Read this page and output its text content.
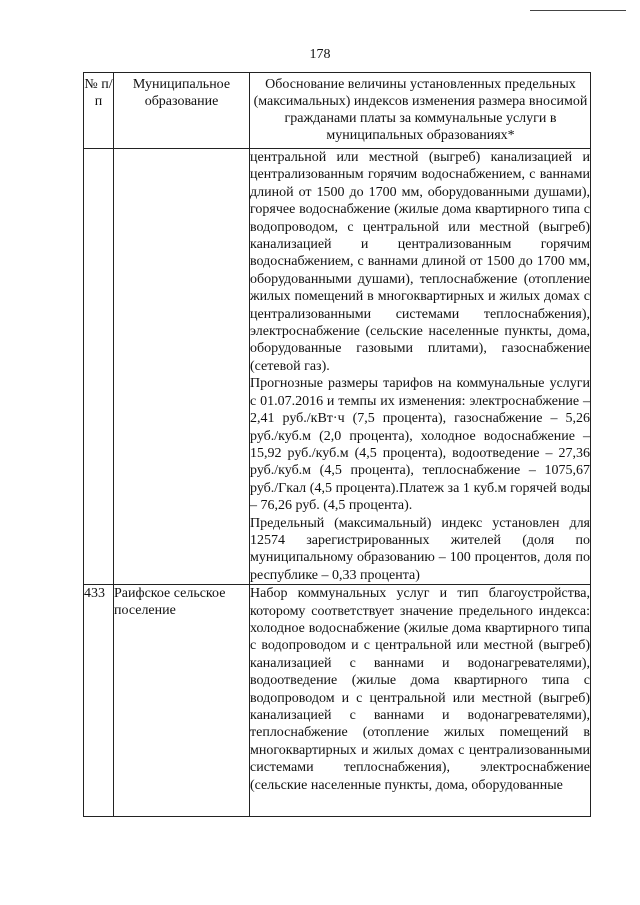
178
№ п/п	Муниципальное образование	Обоснование величины установленных предельных (максимальных) индексов изменения размера вносимой гражданами платы за коммунальные услуги в муниципальных образованиях*

		центральной или местной (выгреб) канализацией и централизованным горячим водоснабжением, с ваннами длиной от 1500 до 1700 мм, оборудованными душами), горячее водоснабжение (жилые дома квартирного типа с водопроводом, с центральной или местной (выгреб) канализацией и централизованным горячим водоснабжением, с ваннами длиной от 1500 до 1700 мм, оборудованными душами), теплоснабжение (отопление жилых помещений в многоквартирных и жилых домах с централизованными системами теплоснабжения), электроснабжение (сельские населенные пункты, дома, оборудованные газовыми плитами), газоснабжение (сетевой газ).

Прогнозные размеры тарифов на коммунальные услуги с 01.07.2016 и темпы их изменения: электроснабжение – 2,41 руб./кВт·ч (7,5 процента), газоснабжение – 5,26 руб./куб.м (2,0 процента), холодное водоснабжение – 15,92 руб./куб.м (4,5 процента), водоотведение – 27,36 руб./куб.м (4,5 процента), теплоснабжение – 1075,67 руб./Гкал (4,5 процента).Платеж за 1 куб.м горячей воды – 76,26 руб. (4,5 процента).

Предельный (максимальный) индекс установлен для 12574 зарегистрированных жителей (доля по муниципальному образованию – 100 процентов, доля по республике – 0,33 процента)

433	Раифское сельское поселение	Набор коммунальных услуг и тип благоустройства, которому соответствует значение предельного индекса: холодное водоснабжение (жилые дома квартирного типа с водопроводом и с центральной или местной (выгреб) канализацией с ваннами и водонагревателями), водоотведение (жилые дома квартирного типа с водопроводом и с центральной или местной (выгреб) канализацией с ваннами и водонагревателями), теплоснабжение (отопление жилых помещений в многоквартирных и жилых домах с централизованными системами теплоснабжения), электроснабжение (сельские населенные пункты, дома, оборудованные
